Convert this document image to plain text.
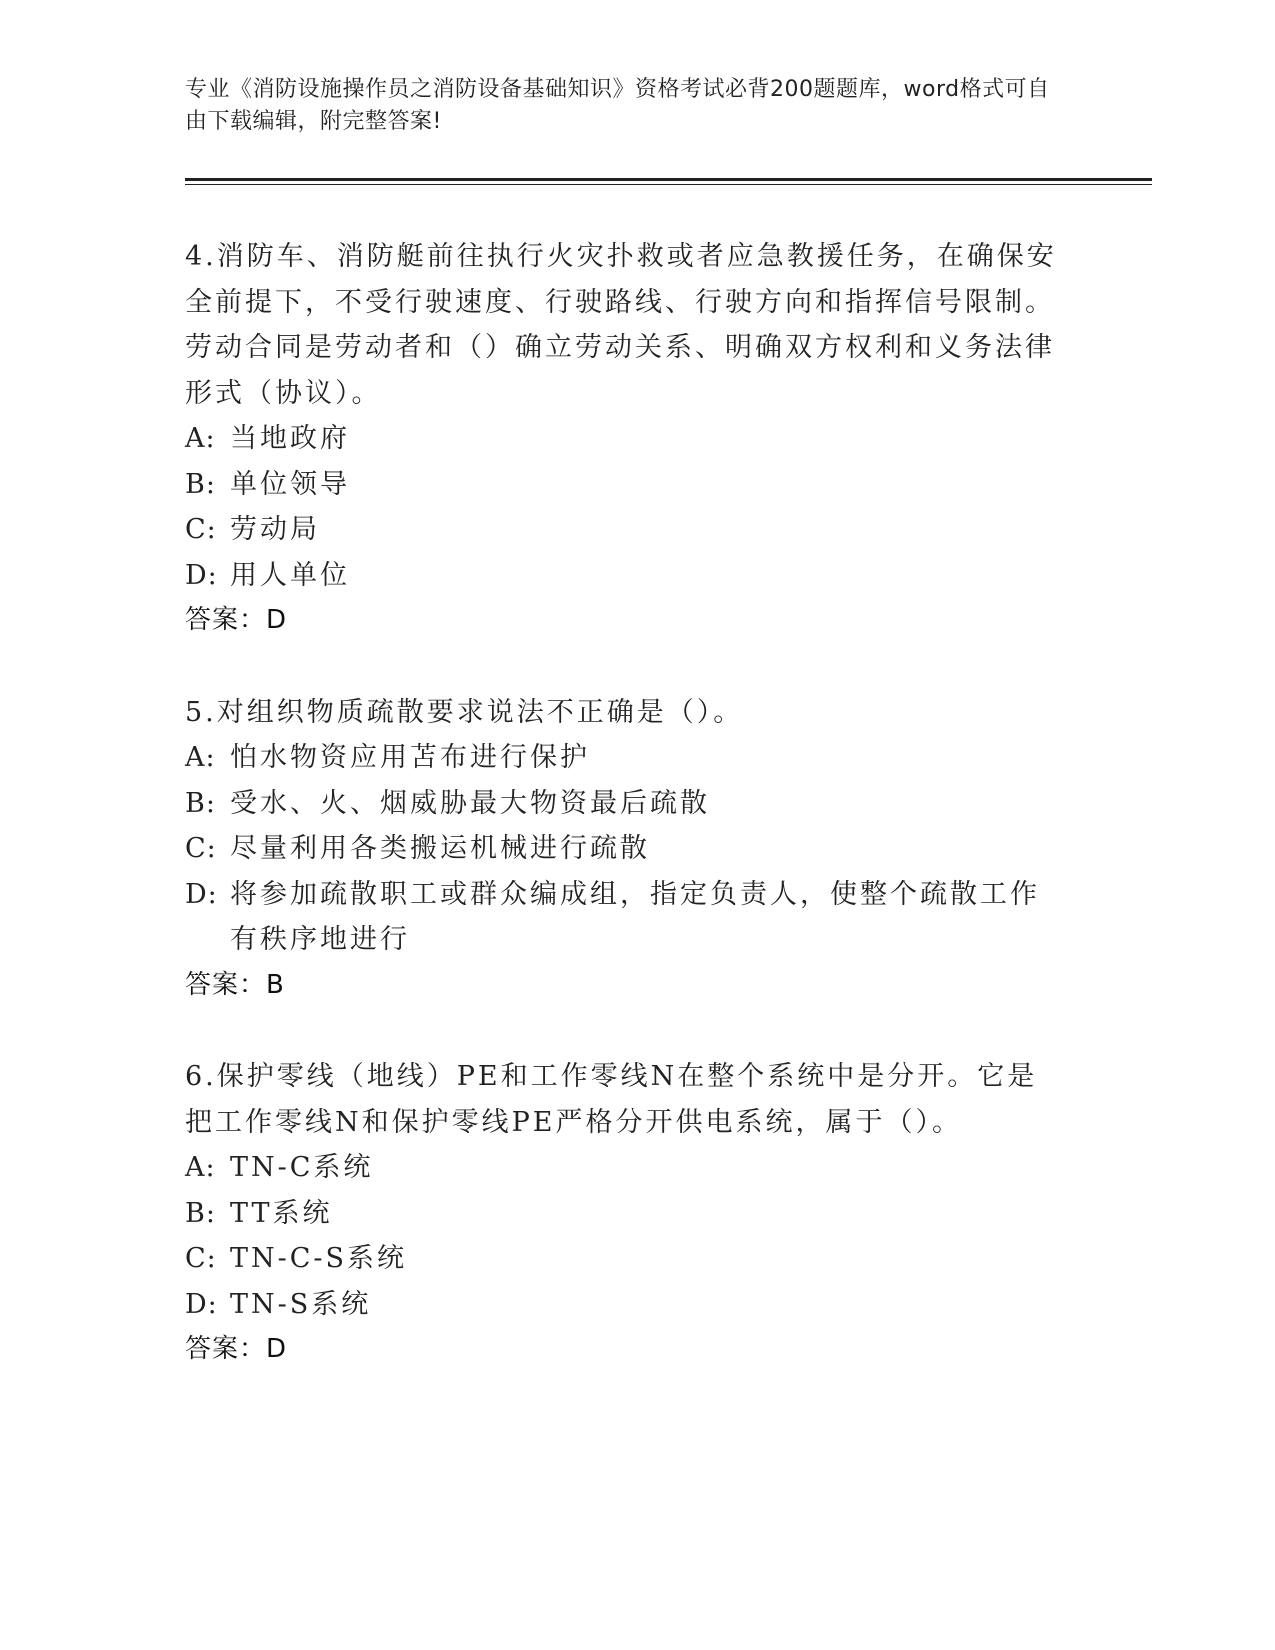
专业《消防设施操作员之消防设备基础知识》资格考试必背200题题库，word格式可自由下载编辑，附完整答案!
4.消防车、消防艇前往执行火灾扑救或者应急教援任务，在确保安全前提下，不受行驶速度、行驶路线、行驶方向和指挥信号限制。劳动合同是劳动者和（）确立劳动关系、明确双方权利和义务法律形式（协议）。
A: 当地政府
B: 单位领导
C: 劳动局
D: 用人单位
答案：D
5.对组织物质疏散要求说法不正确是（）。
A: 怕水物资应用苫布进行保护
B: 受水、火、烟威胁最大物资最后疏散
C: 尽量利用各类搬运机械进行疏散
D: 将参加疏散职工或群众编成组，指定负责人，使整个疏散工作有秩序地进行
答案：B
6.保护零线（地线）PE和工作零线N在整个系统中是分开。它是把工作零线N和保护零线PE严格分开供电系统，属于（）。
A: TN-C系统
B: TT系统
C: TN-C-S系统
D: TN-S系统
答案：D
